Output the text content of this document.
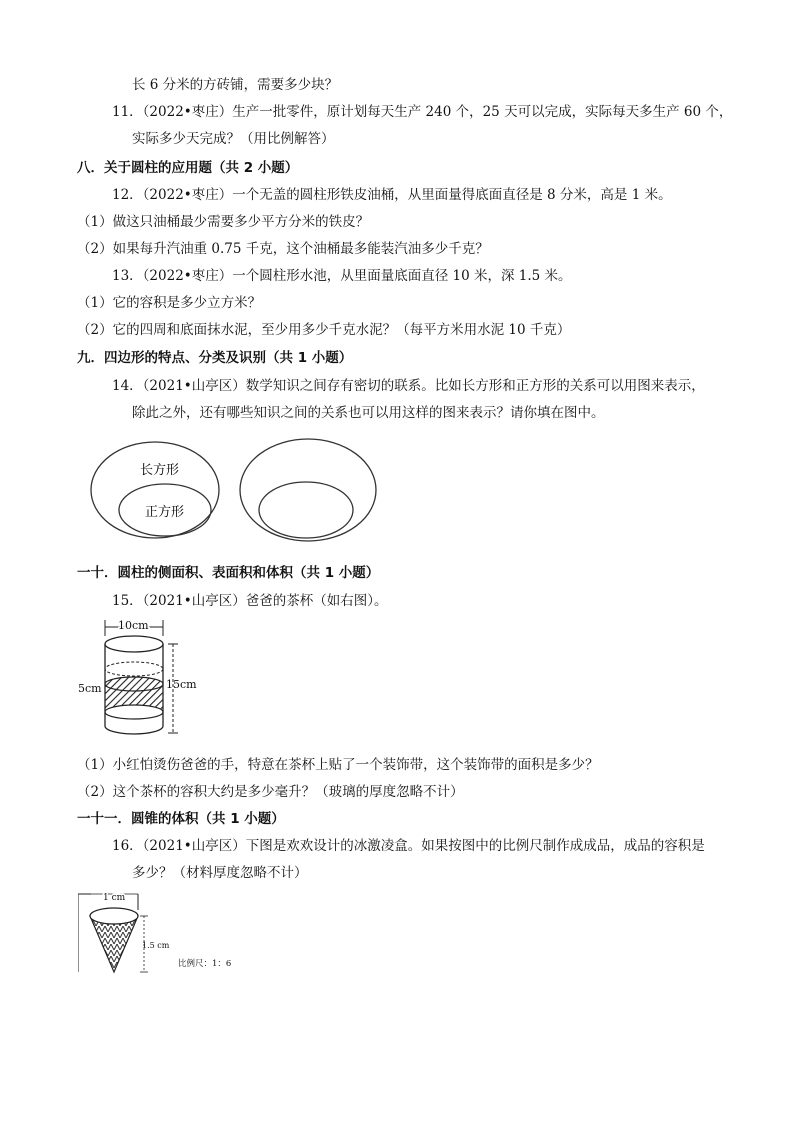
长 6 分米的方砖铺，需要多少块？
11．（2022•枣庄）生产一批零件，原计划每天生产 240 个，25 天可以完成，实际每天多生产 60 个，
实际多少天完成？（用比例解答）
八．关于圆柱的应用题（共 2 小题）
12．（2022•枣庄）一个无盖的圆柱形铁皮油桶，从里面量得底面直径是 8 分米，高是 1 米。
（1）做这只油桶最少需要多少平方分米的铁皮？
（2）如果每升汽油重 0.75 千克，这个油桶最多能装汽油多少千克？
13．（2022•枣庄）一个圆柱形水池，从里面量底面直径 10 米，深 1.5 米。
（1）它的容积是多少立方米？
（2）它的四周和底面抹水泥，至少用多少千克水泥？（每平方米用水泥 10 千克）
九．四边形的特点、分类及识别（共 1 小题）
14．（2021•山亭区）数学知识之间存有密切的联系。比如长方形和正方形的关系可以用图来表示，
除此之外，还有哪些知识之间的关系也可以用这样的图来表示？请你填在图中。
长方形
正方形
一十．圆柱的侧面积、表面积和体积（共 1 小题）
15．（2021•山亭区）爸爸的茶杯（如右图）。
10cm
15cm
5cm
（1）小红怕烫伤爸爸的手，特意在茶杯上贴了一个装饰带，这个装饰带的面积是多少？
（2）这个茶杯的容积大约是多少毫升？（玻璃的厚度忽略不计）
一十一．圆锥的体积（共 1 小题）
16．（2021•山亭区）下图是欢欢设计的冰激凌盒。如果按图中的比例尺制作成成品，成品的容积是
多少？（材料厚度忽略不计）
1 cm
1.5 cm
比例尺：1：6
